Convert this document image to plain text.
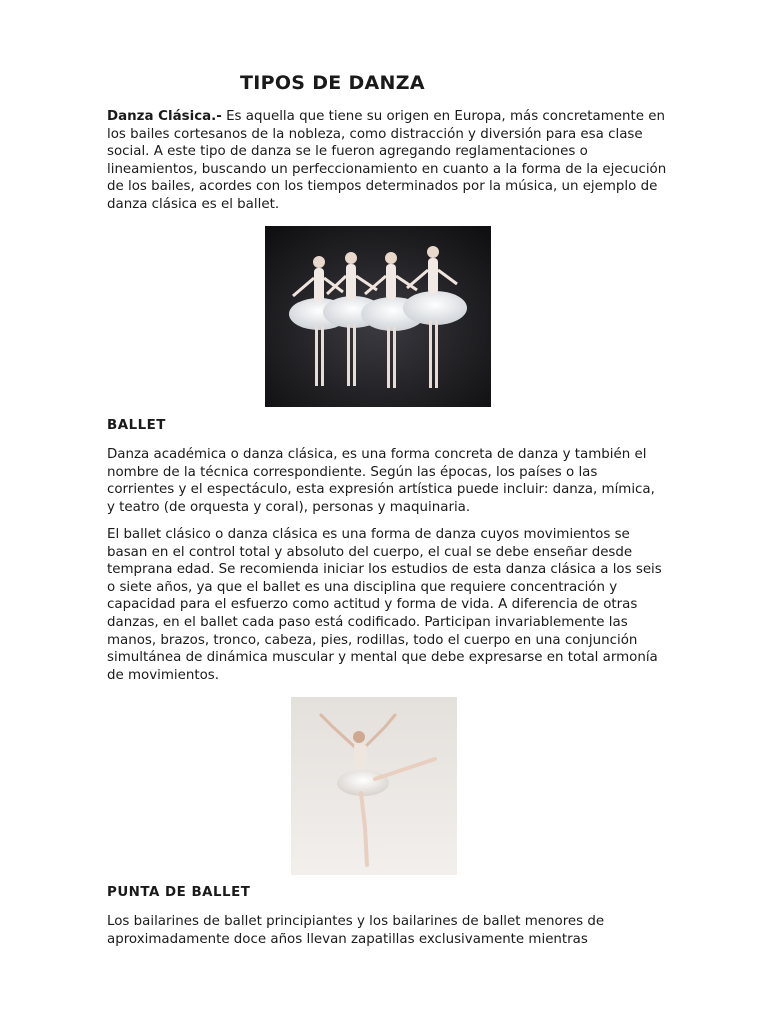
TIPOS DE DANZA

Danza Clásica.- Es aquella que tiene su origen en Europa, más concretamente en los bailes cortesanos de la nobleza, como distracción y diversión para esa clase social. A este tipo de danza se le fueron agregando reglamentaciones o lineamientos, buscando un perfeccionamiento en cuanto a la forma de la ejecución de los bailes, acordes con los tiempos determinados por la música, un ejemplo de danza clásica es el ballet.

BALLET

Danza académica o danza clásica, es una forma concreta de danza y también el nombre de la técnica correspondiente. Según las épocas, los países o las corrientes y el espectáculo, esta expresión artística puede incluir: danza, mímica, y teatro (de orquesta y coral), personas y maquinaria.

El ballet clásico o danza clásica es una forma de danza cuyos movimientos se basan en el control total y absoluto del cuerpo, el cual se debe enseñar desde temprana edad. Se recomienda iniciar los estudios de esta danza clásica a los seis o siete años, ya que el ballet es una disciplina que requiere concentración y capacidad para el esfuerzo como actitud y forma de vida. A diferencia de otras danzas, en el ballet cada paso está codificado. Participan invariablemente las manos, brazos, tronco, cabeza, pies, rodillas, todo el cuerpo en una conjunción simultánea de dinámica muscular y mental que debe expresarse en total armonía de movimientos.

PUNTA DE BALLET

Los bailarines de ballet principiantes y los bailarines de ballet menores de aproximadamente doce años llevan zapatillas exclusivamente mientras
